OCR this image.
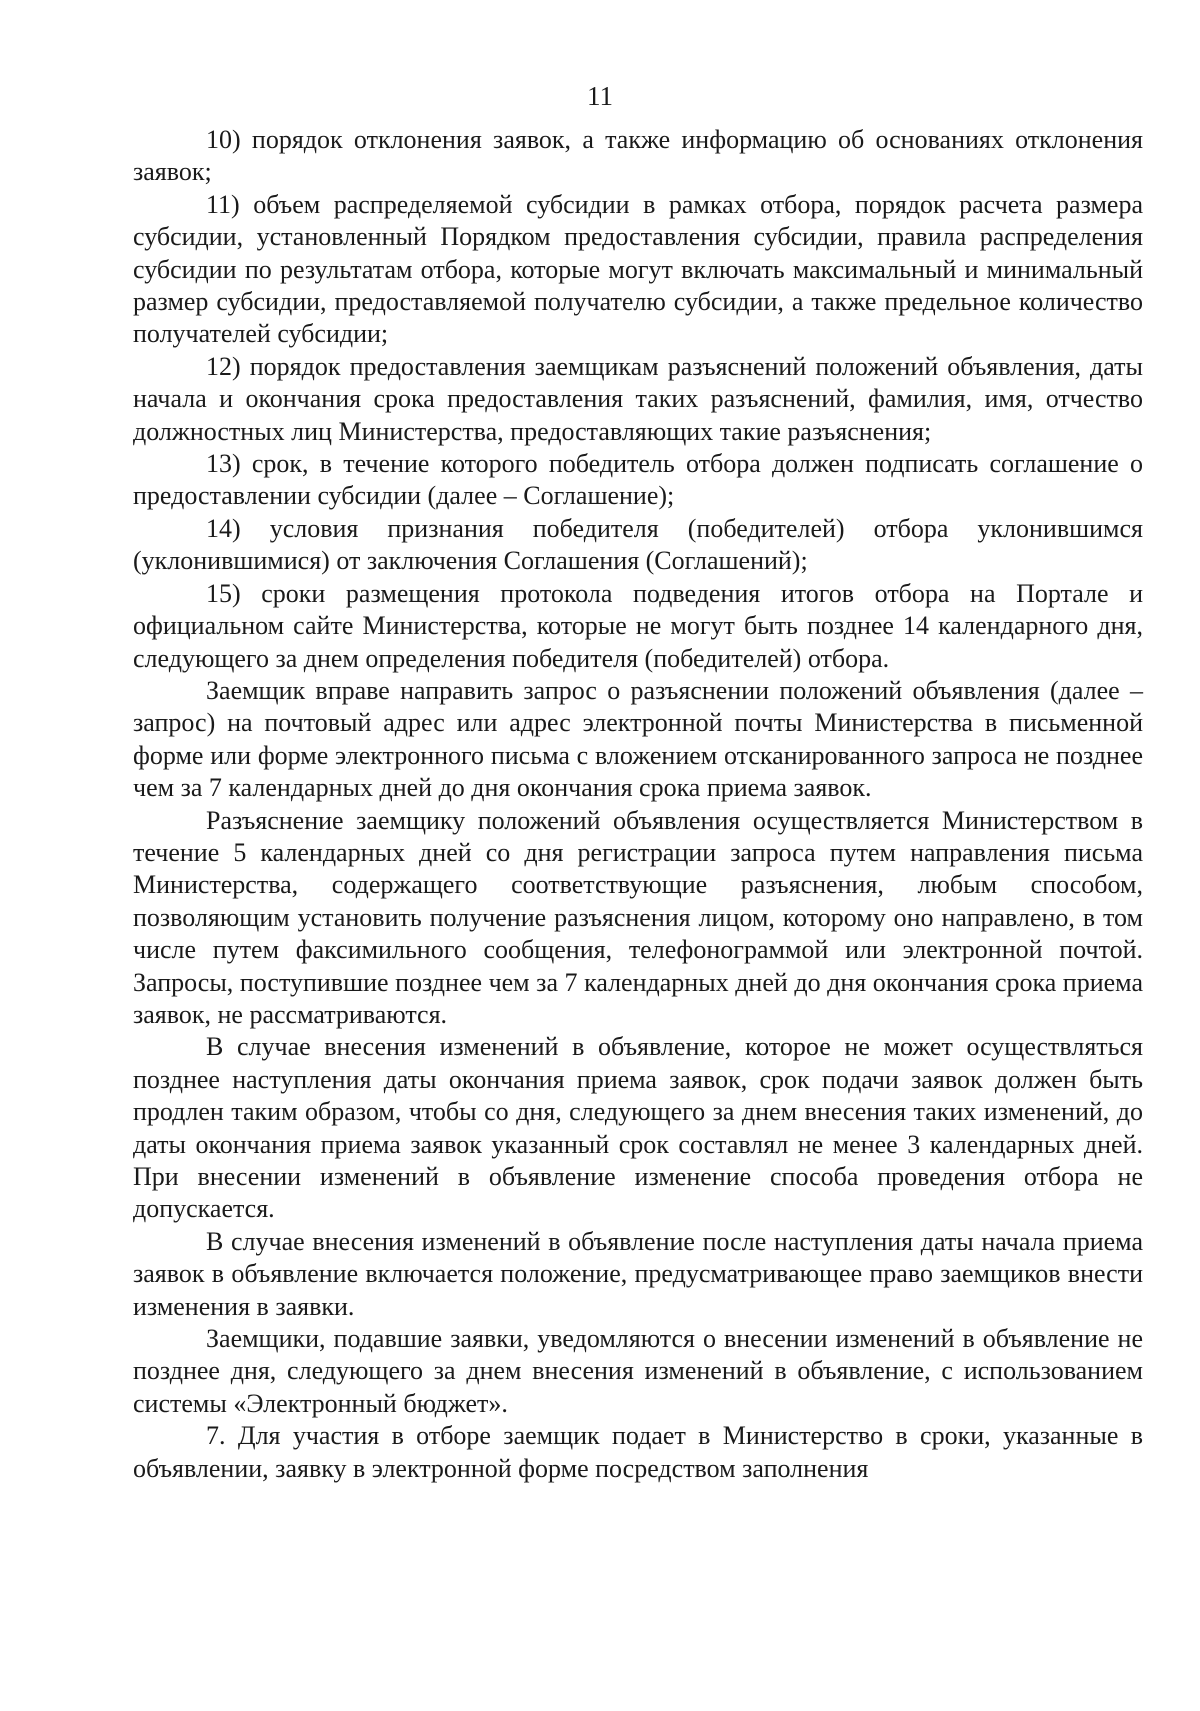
11

10) порядок отклонения заявок, а также информацию об основаниях отклонения заявок;

11) объем распределяемой субсидии в рамках отбора, порядок расчета размера субсидии, установленный Порядком предоставления субсидии, правила распределения субсидии по результатам отбора, которые могут включать максимальный и минимальный размер субсидии, предоставляемой получателю субсидии, а также предельное количество получателей субсидии;

12) порядок предоставления заемщикам разъяснений положений объявления, даты начала и окончания срока предоставления таких разъяснений, фамилия, имя, отчество должностных лиц Министерства, предоставляющих такие разъяснения;

13) срок, в течение которого победитель отбора должен подписать соглашение о предоставлении субсидии (далее – Соглашение);

14) условия признания победителя (победителей) отбора уклонившимся (уклонившимися) от заключения Соглашения (Соглашений);

15) сроки размещения протокола подведения итогов отбора на Портале и официальном сайте Министерства, которые не могут быть позднее 14 календарного дня, следующего за днем определения победителя (победителей) отбора.

Заемщик вправе направить запрос о разъяснении положений объявления (далее – запрос) на почтовый адрес или адрес электронной почты Министерства в письменной форме или форме электронного письма с вложением отсканированного запроса не позднее чем за 7 календарных дней до дня окончания срока приема заявок.

Разъяснение заемщику положений объявления осуществляется Министерством в течение 5 календарных дней со дня регистрации запроса путем направления письма Министерства, содержащего соответствующие разъяснения, любым способом, позволяющим установить получение разъяснения лицом, которому оно направлено, в том числе путем факсимильного сообщения, телефонограммой или электронной почтой. Запросы, поступившие позднее чем за 7 календарных дней до дня окончания срока приема заявок, не рассматриваются.

В случае внесения изменений в объявление, которое не может осуществляться позднее наступления даты окончания приема заявок, срок подачи заявок должен быть продлен таким образом, чтобы со дня, следующего за днем внесения таких изменений, до даты окончания приема заявок указанный срок составлял не менее 3 календарных дней. При внесении изменений в объявление изменение способа проведения отбора не допускается.

В случае внесения изменений в объявление после наступления даты начала приема заявок в объявление включается положение, предусматривающее право заемщиков внести изменения в заявки.

Заемщики, подавшие заявки, уведомляются о внесении изменений в объявление не позднее дня, следующего за днем внесения изменений в объявление, с использованием системы «Электронный бюджет».

7. Для участия в отборе заемщик подает в Министерство в сроки, указанные в объявлении, заявку в электронной форме посредством заполнения
